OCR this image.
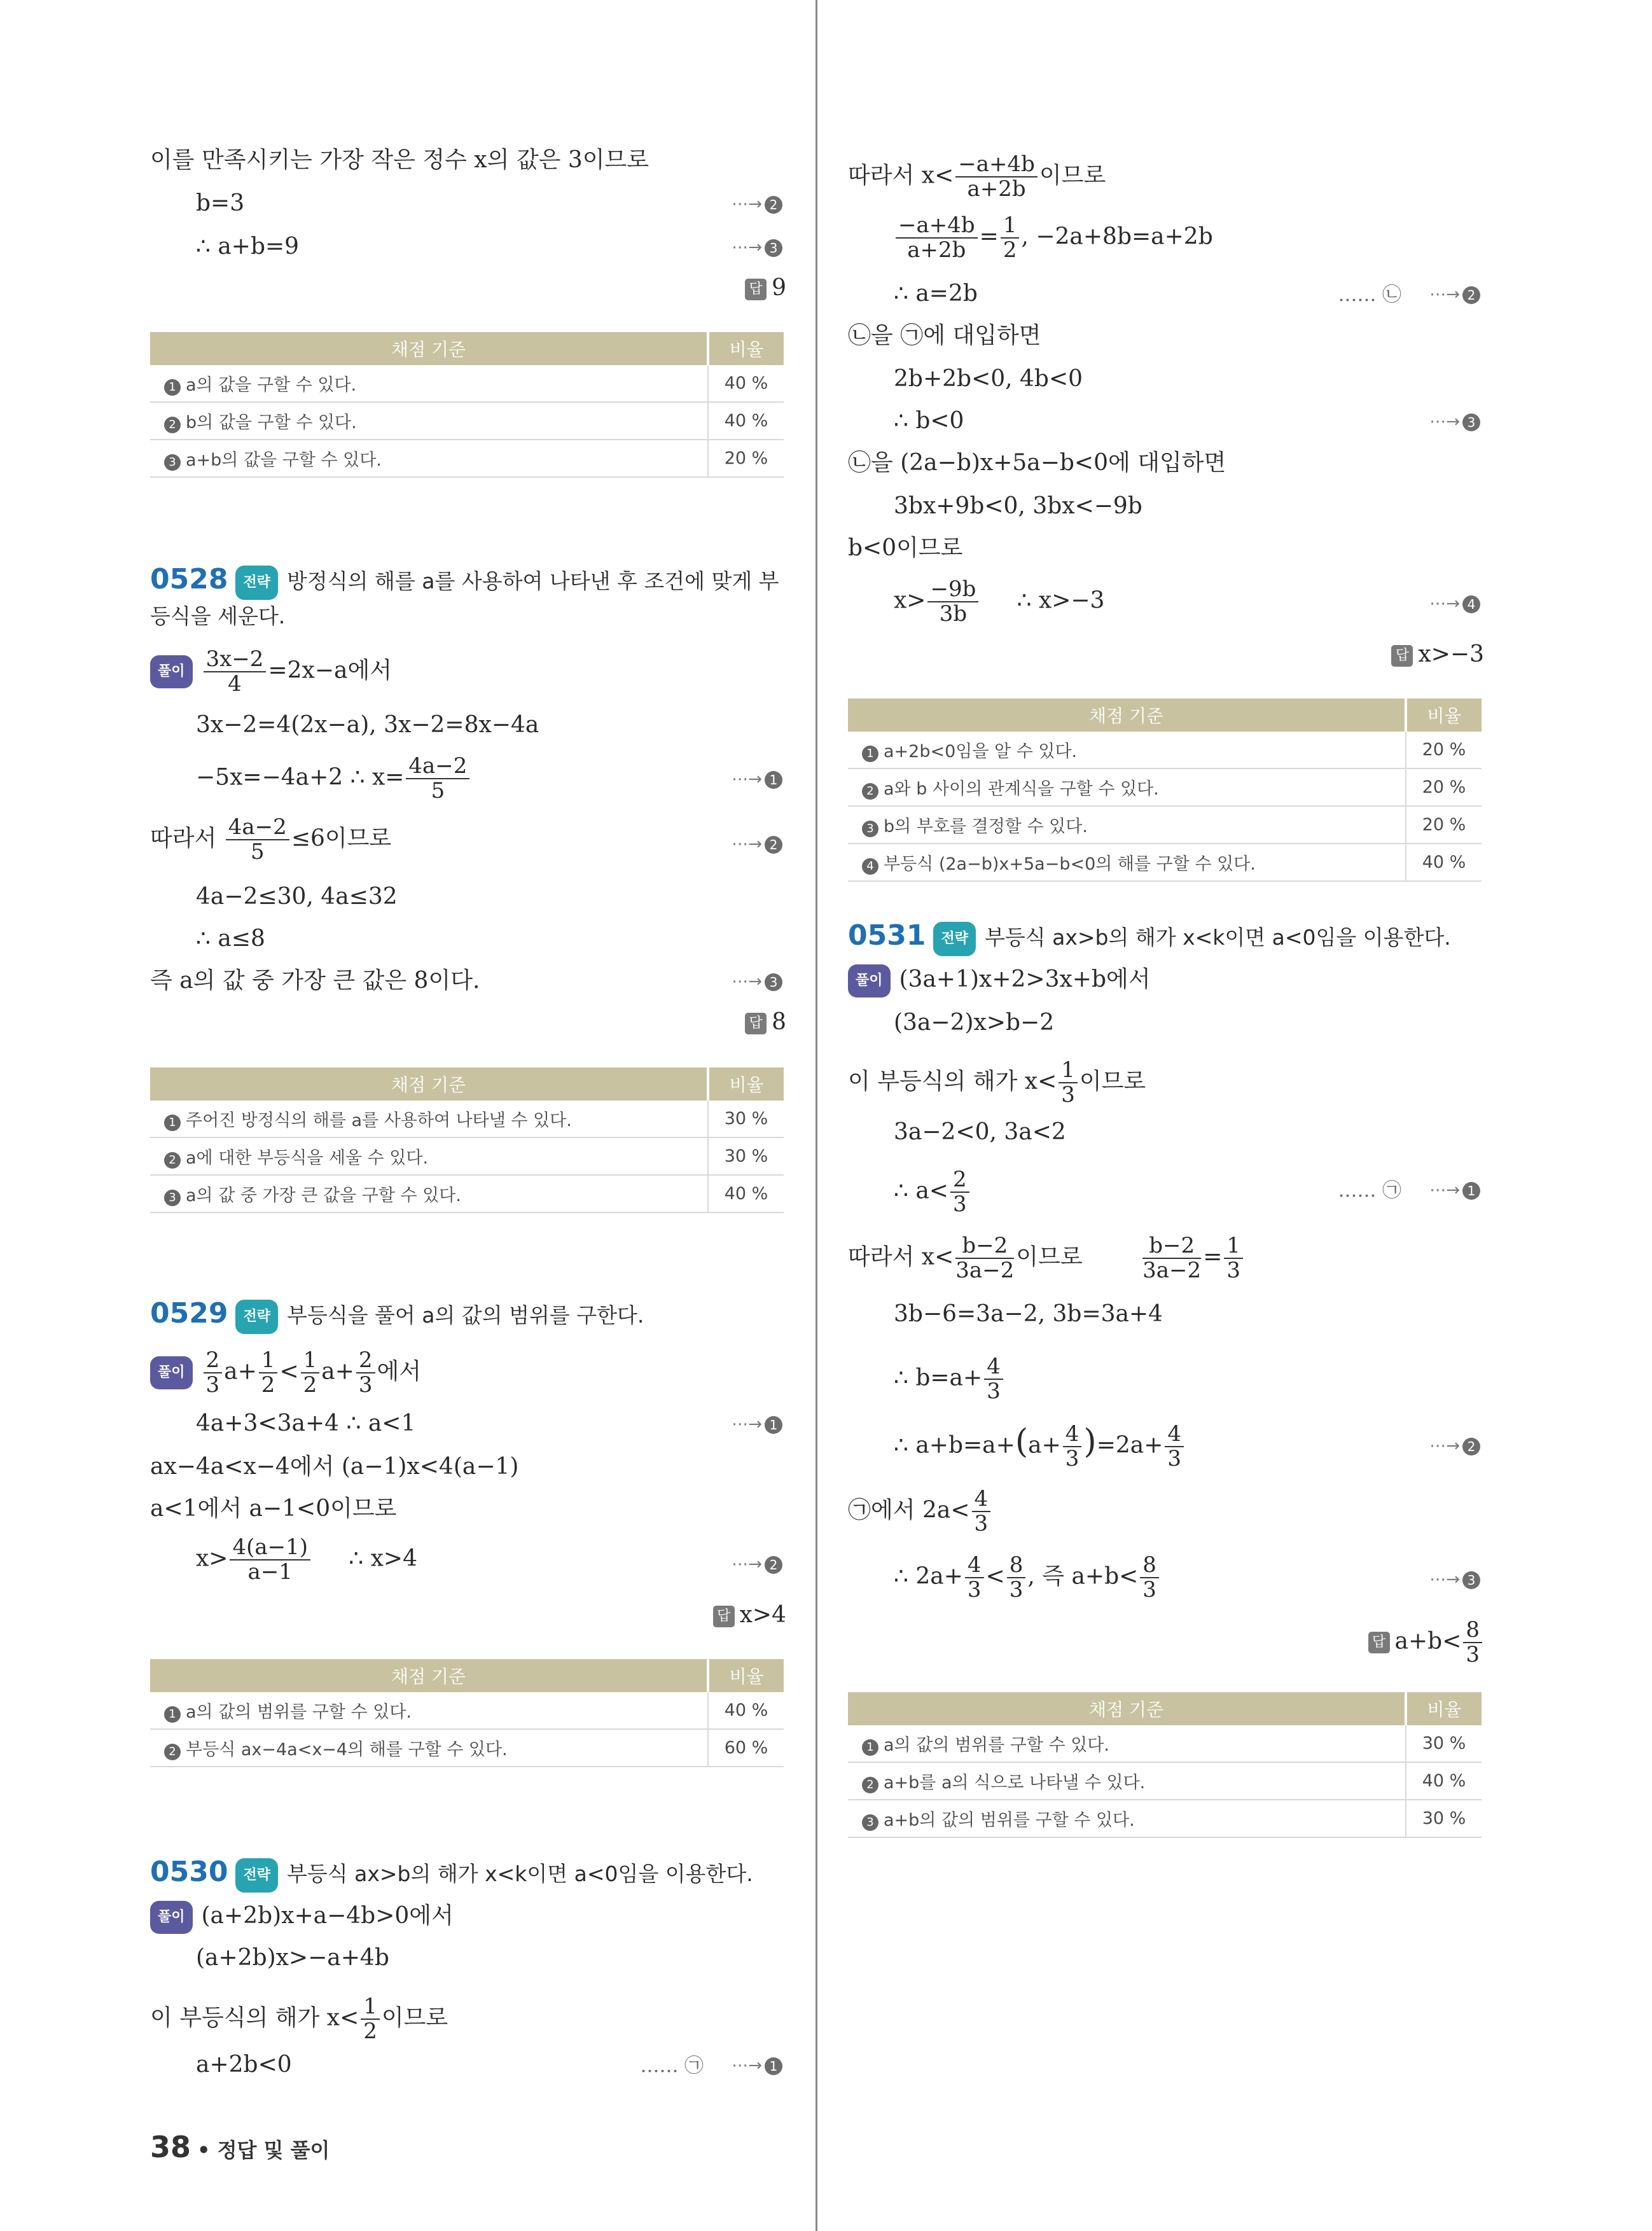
이를 만족시키는 가장 작은 정수 x의 값은 3이므로
b=3	⋯→ 2
∴ a+b=9	⋯→ 3
답 9
채점 기준	비율
1 a의 값을 구할 수 있다.	40 %
2 b의 값을 구할 수 있다.	40 %
3 a+b의 값을 구할 수 있다.	20 %
0528 전략 방정식의 해를 a를 사용하여 나타낸 후 조건에 맞게 부
등식을 세운다.
풀이 $\frac{3x-2}{4} =2x-a$에서
3x−2=4(2x−a), 3x−2=8x−4a
−5x=−4a+2 ∴ $x= \frac{4a-2}{5}$	⋯→ 1
따라서 $\frac{4a-2}{5} \le 6$이므로	⋯→ 2
4a−2≤30, 4a≤32
∴ a≤8
즉 a의 값 중 가장 큰 값은 8이다.	⋯→ 3
답 8
채점 기준	비율
1 주어진 방정식의 해를 a를 사용하여 나타낼 수 있다.	30 %
2 a에 대한 부등식을 세울 수 있다.	30 %
3 a의 값 중 가장 큰 값을 구할 수 있다.	40 %
0529 전략 부등식을 풀어 a의 값의 범위를 구한다.
풀이 $\frac{2}{3} a+ \frac{1}{2} < \frac{1}{2} a+ \frac{2}{3}$ 에서
4a+3<3a+4 ∴ a<1	⋯→ 1
ax−4a<x−4에서 (a−1)x<4(a−1)
a<1에서 a−1<0이므로
$x> \frac{4(a-1)}{a-1}$ ∴ x>4	⋯→ 2
답 x>4
채점 기준	비율
1 a의 값의 범위를 구할 수 있다.	40 %
2 부등식 ax−4a<x−4의 해를 구할 수 있다.	60 %
0530 전략 부등식 ax>b의 해가 x<k이면 a<0임을 이용한다.
풀이 (a+2b)x+a−4b>0에서
(a+2b)x>−a+4b
이 부등식의 해가 $x< \frac{1}{2}$ 이므로
a+2b<0	…… ㉠ ⋯→ 1
38 • 정답 및 풀이
따라서 $x< \frac{-a+4b}{a+2b}$ 이므로
$\frac{-a+4b}{a+2b} = \frac{1}{2}$ , −2a+8b=a+2b
∴ a=2b	…… ㉡ ⋯→ 2
㉡을 ㉠에 대입하면
2b+2b<0, 4b<0
∴ b<0	⋯→ 3
㉡을 (2a−b)x+5a−b<0에 대입하면
3bx+9b<0, 3bx<−9b
b<0이므로
$x> \frac{-9b}{3b}$ ∴ x>−3	⋯→ 4
답 x>−3
채점 기준	비율
1 a+2b<0임을 알 수 있다.	20 %
2 a와 b 사이의 관계식을 구할 수 있다.	20 %
3 b의 부호를 결정할 수 있다.	20 %
4 부등식 (2a−b)x+5a−b<0의 해를 구할 수 있다.	40 %
0531 전략 부등식 ax>b의 해가 x<k이면 a<0임을 이용한다.
풀이 (3a+1)x+2>3x+b에서
(3a−2)x>b−2
이 부등식의 해가 $x< \frac{1}{3}$ 이므로
3a−2<0, 3a<2
∴ $a< \frac{2}{3}$	…… ㉠ ⋯→ 1
따라서 $x< \frac{b-2}{3a-2}$ 이므로	$\frac{b-2}{3a-2} = \frac{1}{3}$
3b−6=3a−2, 3b=3a+4
∴ $b=a+ \frac{4}{3}$
∴ $a+b=a+(a+ \frac{4}{3} )=2a+ \frac{4}{3}$	⋯→ 2
㉠에서 $2a< \frac{4}{3}$
∴ $2a+ \frac{4}{3} < \frac{8}{3}$ , 즉 $a+b< \frac{8}{3}$	⋯→ 3
답 $a+b< \frac{8}{3}$
채점 기준	비율
1 a의 값의 범위를 구할 수 있다.	30 %
2 a+b를 a의 식으로 나타낼 수 있다.	40 %
3 a+b의 값의 범위를 구할 수 있다.	30 %
